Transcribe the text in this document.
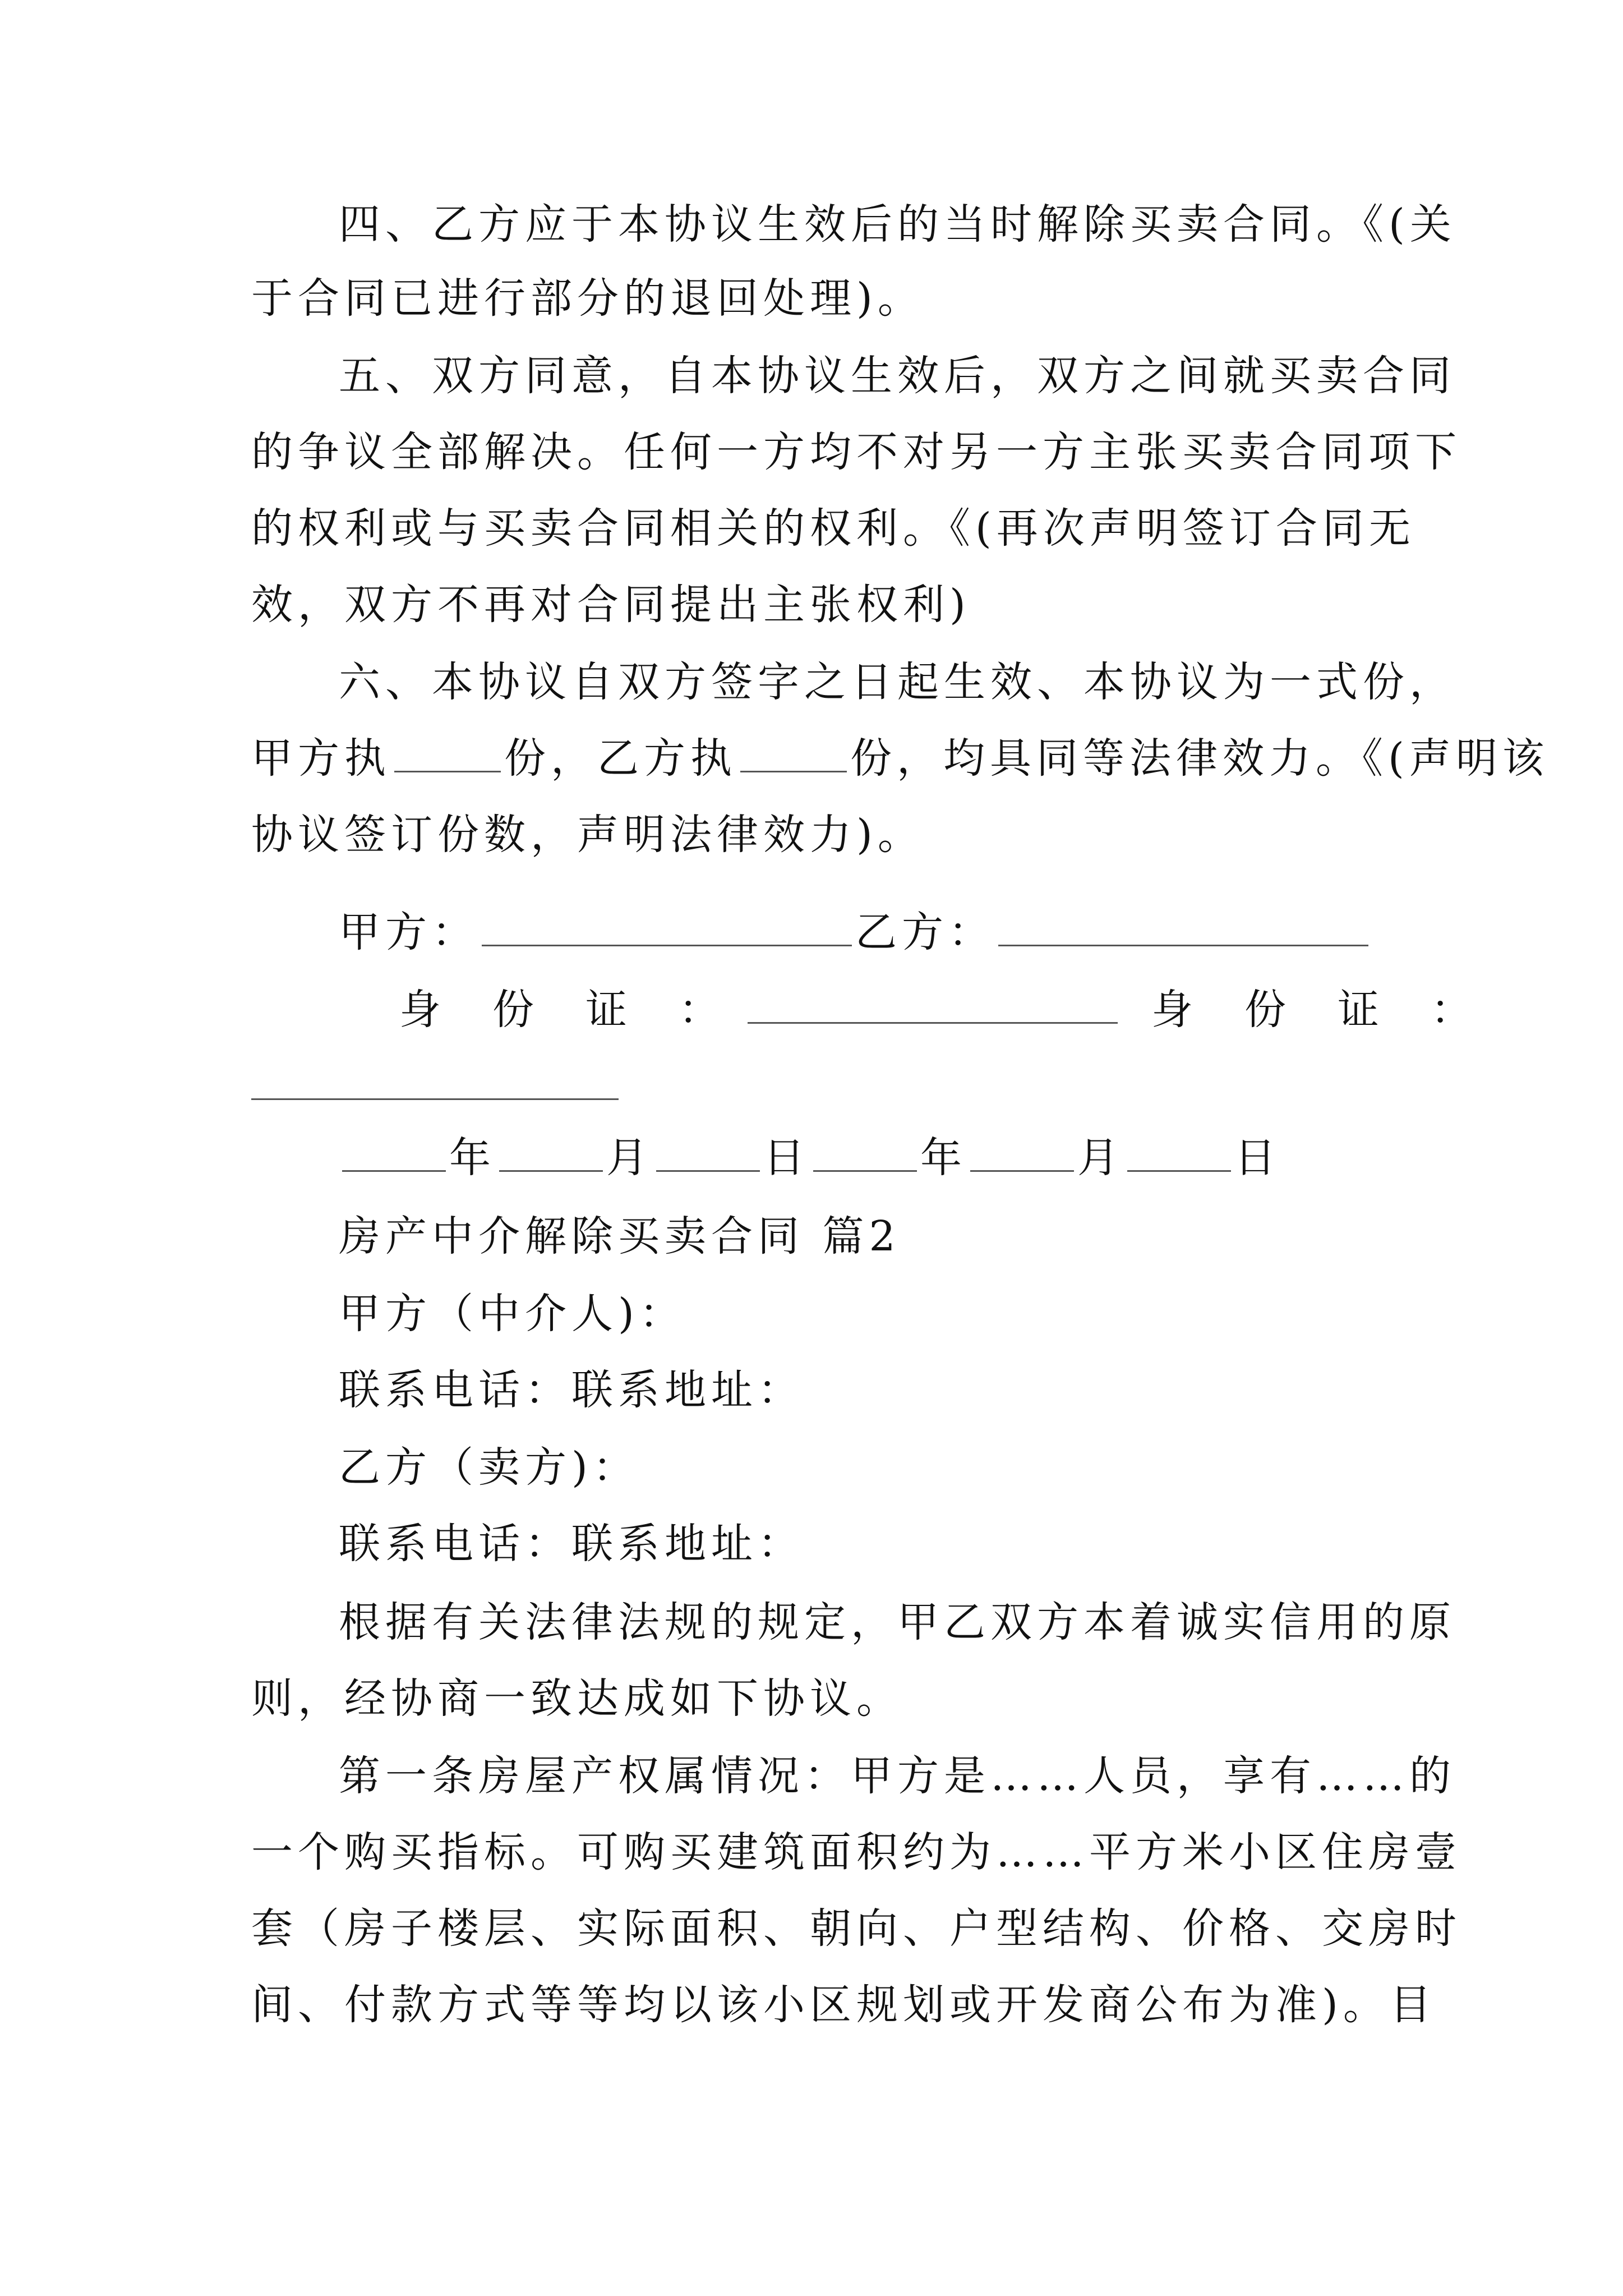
四、乙方应于本协议生效后的当时解除买卖合同。《(关
于合同已进行部分的退回处理)。
五、双方同意，自本协议生效后，双方之间就买卖合同
的争议全部解决。任何一方均不对另一方主张买卖合同项下
的权利或与买卖合同相关的权利。《(再次声明签订合同无
效，双方不再对合同提出主张权利)
六、本协议自双方签字之日起生效、本协议为一式份，
甲方执	份，乙方执	份，均具同等法律效力。《(声明该
协议签订份数，声明法律效力)。
甲方：	乙方：
身　份　证　：	身　份　证　：
年	月	日	年	月	日
房产中介解除买卖合同 篇2
甲方（中介人)：
联系电话：联系地址：
乙方（卖方)：
联系电话：联系地址：
根据有关法律法规的规定，甲乙双方本着诚实信用的原
则，经协商一致达成如下协议。
第一条房屋产权属情况：甲方是……人员，享有……的
一个购买指标。可购买建筑面积约为……平方米小区住房壹
套（房子楼层、实际面积、朝向、户型结构、价格、交房时
间、付款方式等等均以该小区规划或开发商公布为准)。目
